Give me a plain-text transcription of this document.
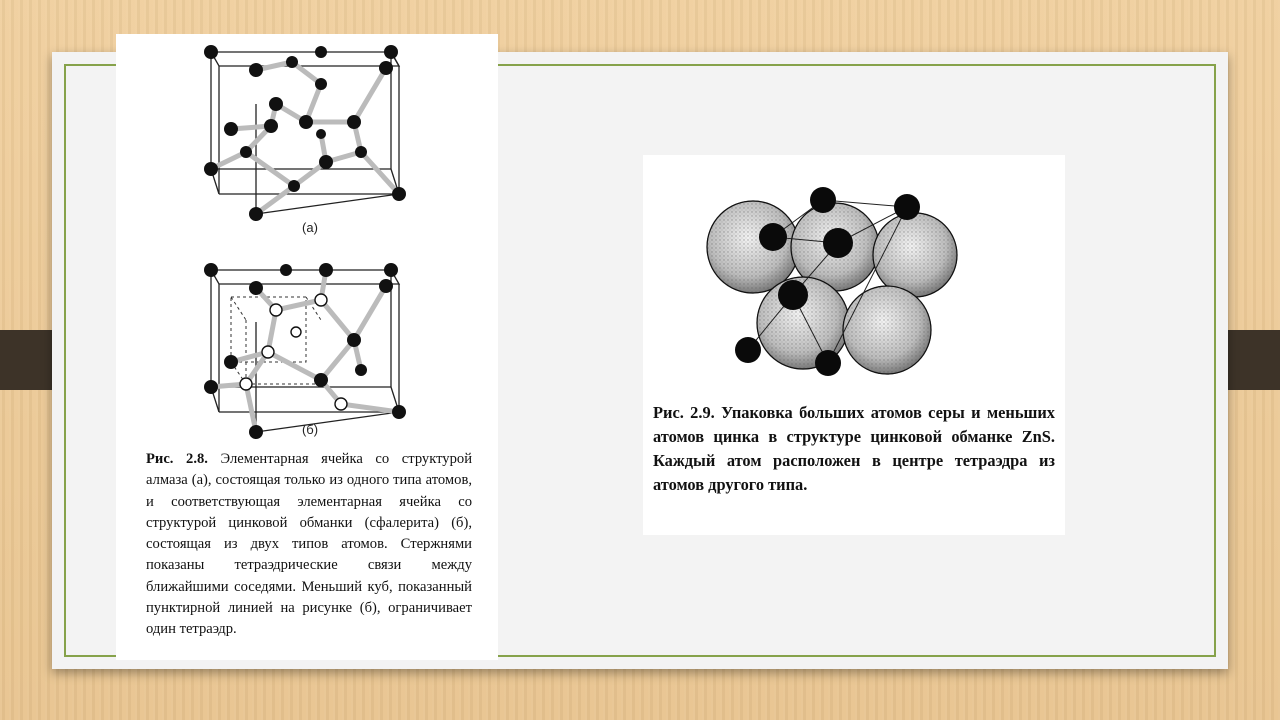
(а)
(б)
Рис. 2.8. Элементарная ячейка со структурой алмаза (а), состоящая только из одного типа атомов, и соответствующая элементарная ячейка со структурой цинковой обманки (сфалерита) (б), состоящая из двух типов атомов. Стержнями показаны тетраэдрические связи между ближайшими соседями. Меньший куб, показанный пунктирной линией на рисунке (б), ограничивает один тетраэдр.
Рис. 2.9. Упаковка больших атомов серы и меньших атомов цинка в структуре цинковой обманке ZnS. Каждый атом расположен в центре тетраэдра из атомов другого типа.
